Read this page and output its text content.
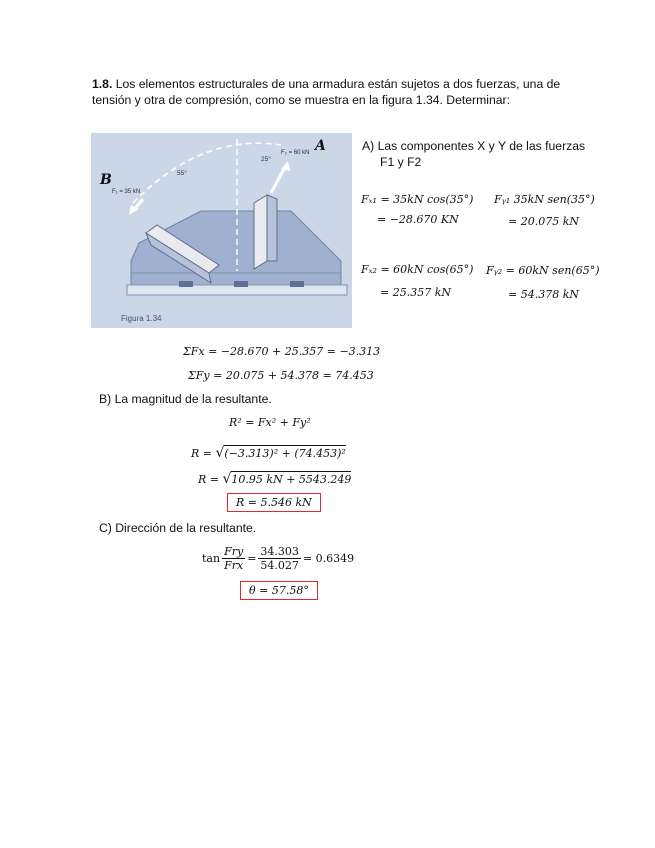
1.8. Los elementos estructurales de una armadura están sujetos a dos fuerzas, una de tensión y otra de compresión, como se muestra en la figura 1.34. Determinar:
A
B
F₂ = 60 kN
F₁ = 35 kN
55°
25°
Figura 1.34
A) Las componentes X y Y de las fuerzas
F1 y F2
Fₓ₁ = 35kN cos(35°)
= −28.670 KN
Fᵧ₁ 35kN sen(35°)
= 20.075 kN
Fₓ₂ = 60kN cos(65°)
= 25.357 kN
Fᵧ₂ = 60kN sen(65°)
= 54.378 kN
ΣFx = −28.670 + 25.357 = −3.313
ΣFy = 20.075 + 54.378 = 74.453
B) La magnitud de la resultante.
R² = Fx² + Fy²
R = √(−3.313)² + (74.453)²
R = √10.95 kN + 5543.249
R = 5.546 kN
C) Dirección de la resultante.
$\tan \frac{\text{Fry}}{\text{Frx}} = \frac{34.303}{54.027} = 0.6349$
θ = 57.58°
